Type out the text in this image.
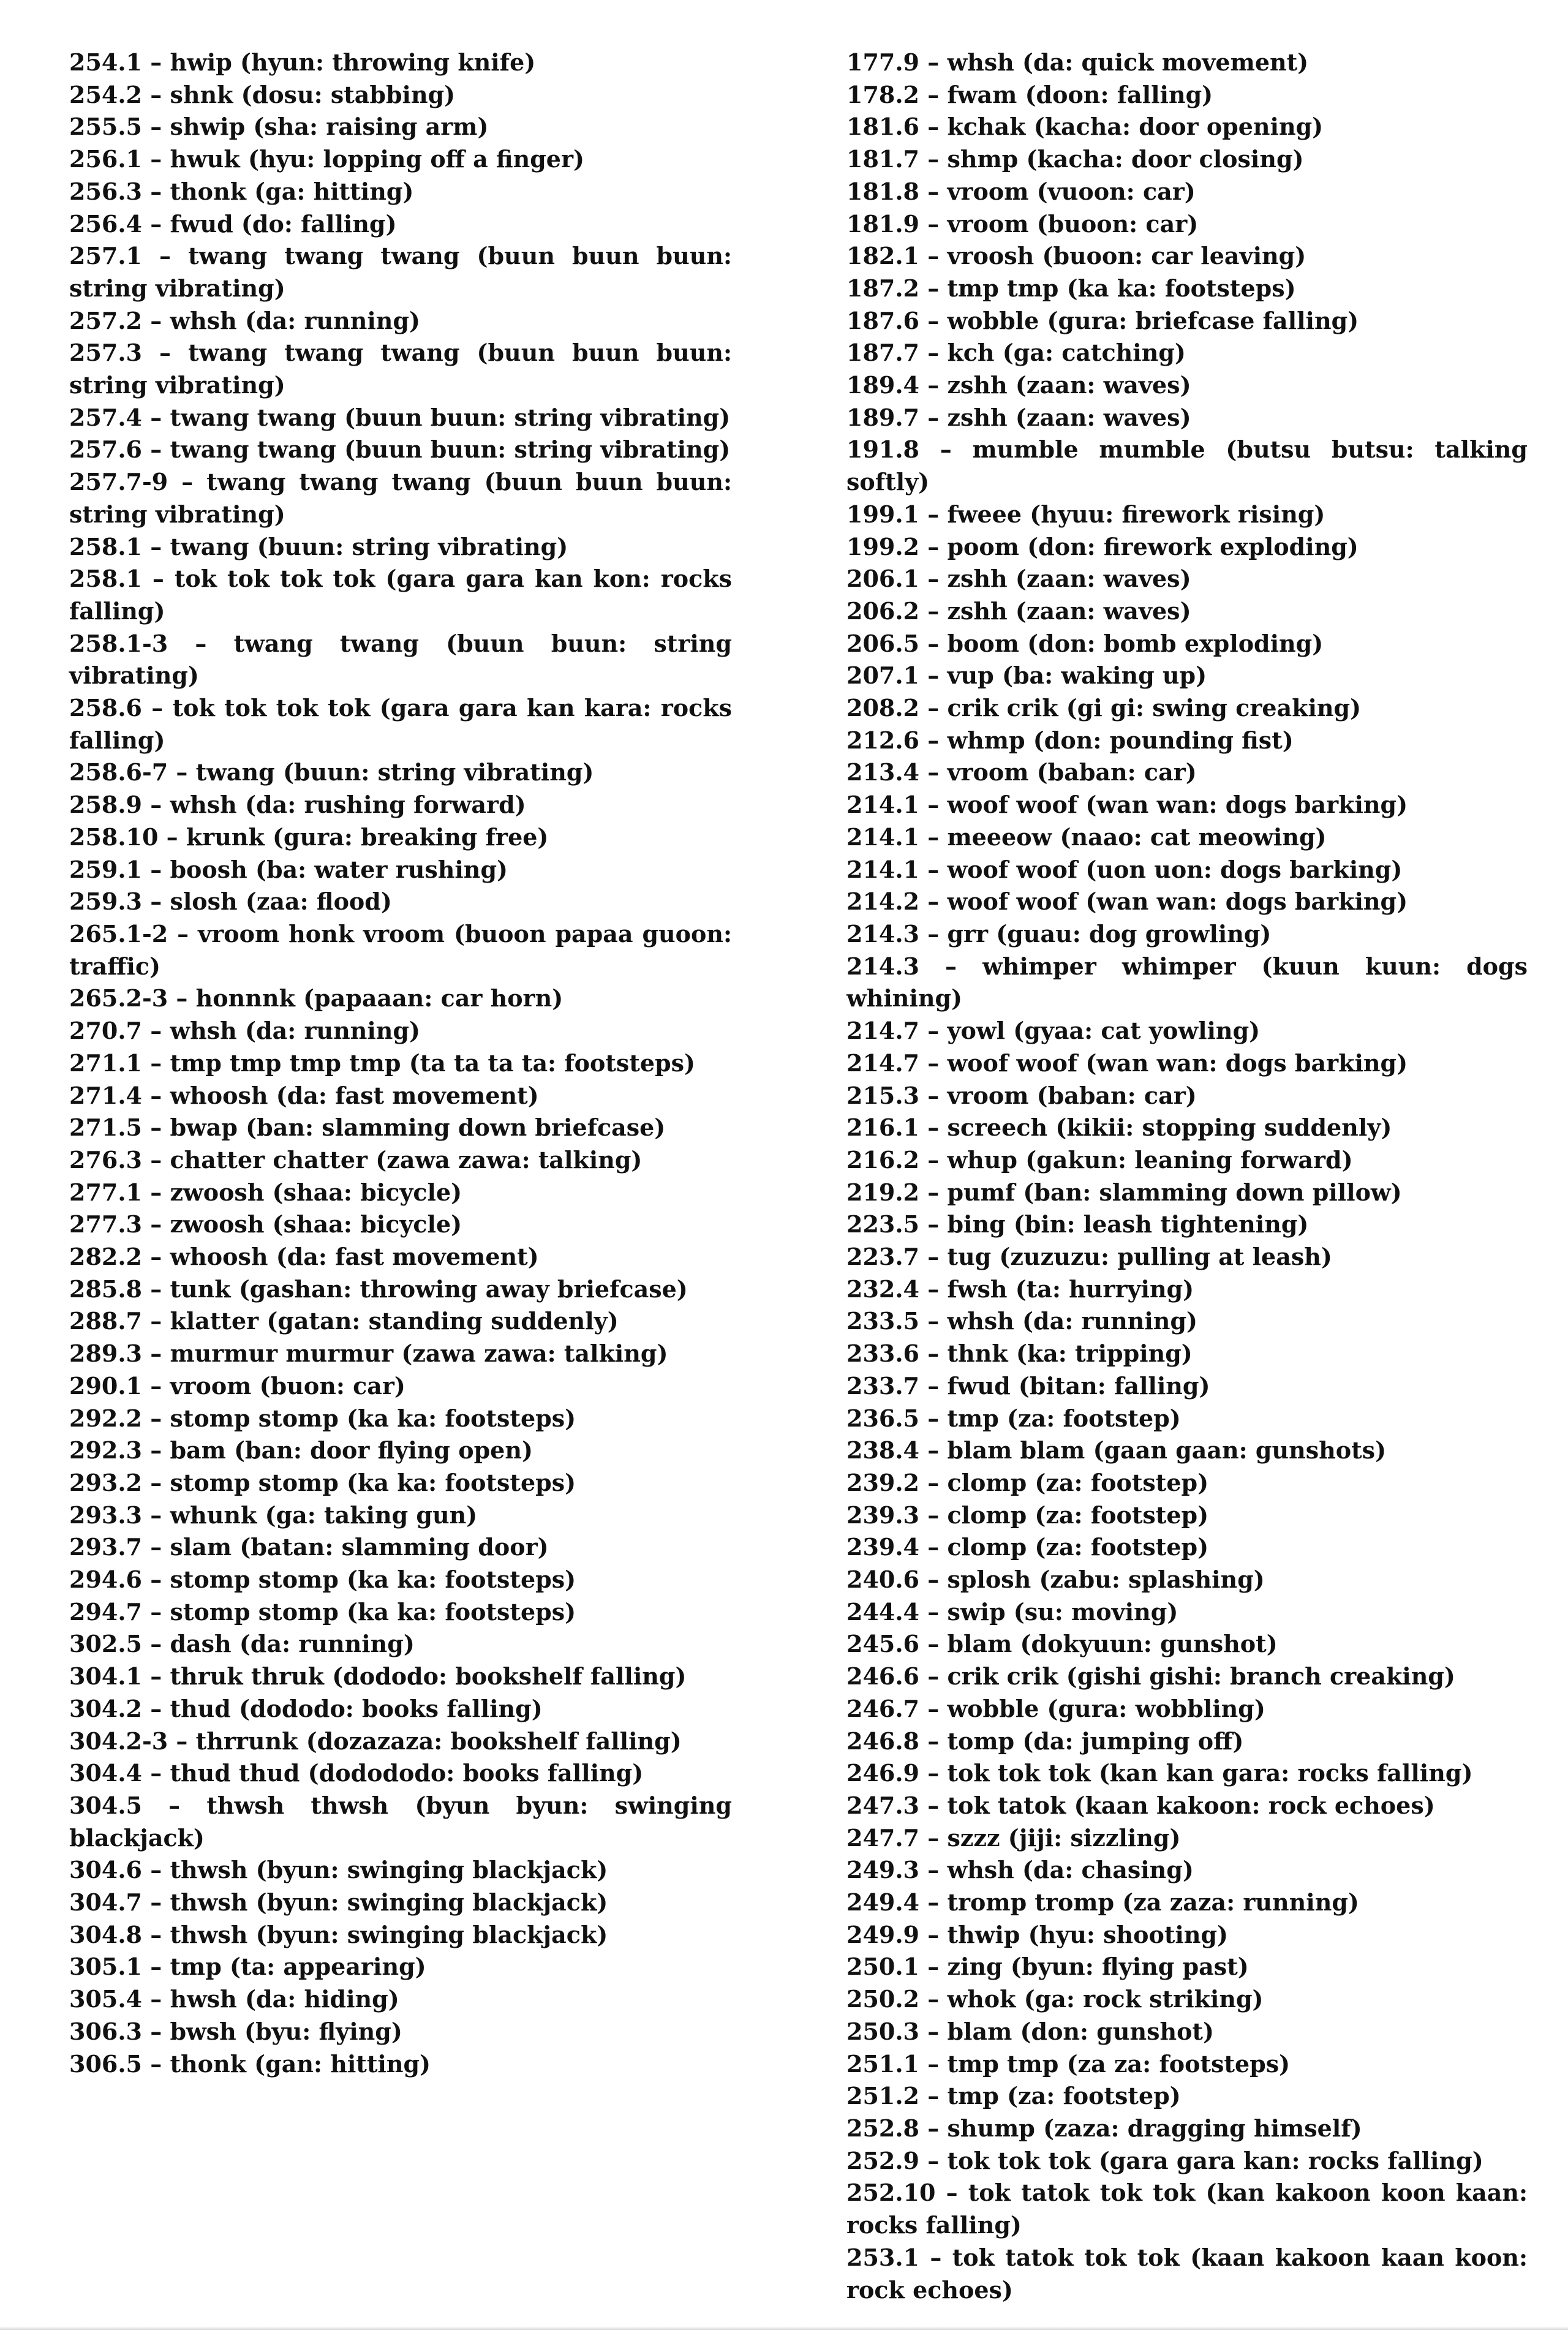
254.1 – hwip (hyun: throwing knife)
254.2 – shnk (dosu: stabbing)
255.5 – shwip (sha: raising arm)
256.1 – hwuk (hyu: lopping off a finger)
256.3 – thonk (ga: hitting)
256.4 – fwud (do: falling)
257.1 – twang twang twang (buun buun buun: string vibrating)
257.2 – whsh (da: running)
257.3 – twang twang twang (buun buun buun: string vibrating)
257.4 – twang twang (buun buun: string vibrating)
257.6 – twang twang (buun buun: string vibrating)
257.7-9 – twang twang twang (buun buun buun: string vibrating)
258.1 – twang (buun: string vibrating)
258.1 – tok tok tok tok (gara gara kan kon: rocks falling)
258.1-3 – twang twang (buun buun: string vibrating)
258.6 – tok tok tok tok (gara gara kan kara: rocks falling)
258.6-7 – twang (buun: string vibrating)
258.9 – whsh (da: rushing forward)
258.10 – krunk (gura: breaking free)
259.1 – boosh (ba: water rushing)
259.3 – slosh (zaa: flood)
265.1-2 – vroom honk vroom (buoon papaa guoon: traffic)
265.2-3 – honnnk (papaaan: car horn)
270.7 – whsh (da: running)
271.1 – tmp tmp tmp tmp (ta ta ta ta: footsteps)
271.4 – whoosh (da: fast movement)
271.5 – bwap (ban: slamming down briefcase)
276.3 – chatter chatter (zawa zawa: talking)
277.1 – zwoosh (shaa: bicycle)
277.3 – zwoosh (shaa: bicycle)
282.2 – whoosh (da: fast movement)
285.8 – tunk (gashan: throwing away briefcase)
288.7 – klatter (gatan: standing suddenly)
289.3 – murmur murmur (zawa zawa: talking)
290.1 – vroom (buon: car)
292.2 – stomp stomp (ka ka: footsteps)
292.3 – bam (ban: door flying open)
293.2 – stomp stomp (ka ka: footsteps)
293.3 – whunk (ga: taking gun)
293.7 – slam (batan: slamming door)
294.6 – stomp stomp (ka ka: footsteps)
294.7 – stomp stomp (ka ka: footsteps)
302.5 – dash (da: running)
304.1 – thruk thruk (dododo: bookshelf falling)
304.2 – thud (dododo: books falling)
304.2-3 – thrrunk (dozazaza: bookshelf falling)
304.4 – thud thud (dodododo: books falling)
304.5 – thwsh thwsh (byun byun: swinging blackjack)
304.6 – thwsh (byun: swinging blackjack)
304.7 – thwsh (byun: swinging blackjack)
304.8 – thwsh (byun: swinging blackjack)
305.1 – tmp (ta: appearing)
305.4 – hwsh (da: hiding)
306.3 – bwsh (byu: flying)
306.5 – thonk (gan: hitting)
177.9 – whsh (da: quick movement)
178.2 – fwam (doon: falling)
181.6 – kchak (kacha: door opening)
181.7 – shmp (kacha: door closing)
181.8 – vroom (vuoon: car)
181.9 – vroom (buoon: car)
182.1 – vroosh (buoon: car leaving)
187.2 – tmp tmp (ka ka: footsteps)
187.6 – wobble (gura: briefcase falling)
187.7 – kch (ga: catching)
189.4 – zshh (zaan: waves)
189.7 – zshh (zaan: waves)
191.8 – mumble mumble (butsu butsu: talking softly)
199.1 – fweee (hyuu: firework rising)
199.2 – poom (don: firework exploding)
206.1 – zshh (zaan: waves)
206.2 – zshh (zaan: waves)
206.5 – boom (don: bomb exploding)
207.1 – vup (ba: waking up)
208.2 – crik crik (gi gi: swing creaking)
212.6 – whmp (don: pounding fist)
213.4 – vroom (baban: car)
214.1 – woof woof (wan wan: dogs barking)
214.1 – meeeow (naao: cat meowing)
214.1 – woof woof (uon uon: dogs barking)
214.2 – woof woof (wan wan: dogs barking)
214.3 – grr (guau: dog growling)
214.3 – whimper whimper (kuun kuun: dogs whining)
214.7 – yowl (gyaa: cat yowling)
214.7 – woof woof (wan wan: dogs barking)
215.3 – vroom (baban: car)
216.1 – screech (kikii: stopping suddenly)
216.2 – whup (gakun: leaning forward)
219.2 – pumf (ban: slamming down pillow)
223.5 – bing (bin: leash tightening)
223.7 – tug (zuzuzu: pulling at leash)
232.4 – fwsh (ta: hurrying)
233.5 – whsh (da: running)
233.6 – thnk (ka: tripping)
233.7 – fwud (bitan: falling)
236.5 – tmp (za: footstep)
238.4 – blam blam (gaan gaan: gunshots)
239.2 – clomp (za: footstep)
239.3 – clomp (za: footstep)
239.4 – clomp (za: footstep)
240.6 – splosh (zabu: splashing)
244.4 – swip (su: moving)
245.6 – blam (dokyuun: gunshot)
246.6 – crik crik (gishi gishi: branch creaking)
246.7 – wobble (gura: wobbling)
246.8 – tomp (da: jumping off)
246.9 – tok tok tok (kan kan gara: rocks falling)
247.3 – tok tatok (kaan kakoon: rock echoes)
247.7 – szzz (jiji: sizzling)
249.3 – whsh (da: chasing)
249.4 – tromp tromp (za zaza: running)
249.9 – thwip (hyu: shooting)
250.1 – zing (byun: flying past)
250.2 – whok (ga: rock striking)
250.3 – blam (don: gunshot)
251.1 – tmp tmp (za za: footsteps)
251.2 – tmp (za: footstep)
252.8 – shump (zaza: dragging himself)
252.9 – tok tok tok (gara gara kan: rocks falling)
252.10 – tok tatok tok tok (kan kakoon koon kaan: rocks falling)
253.1 – tok tatok tok tok (kaan kakoon kaan koon: rock echoes)
